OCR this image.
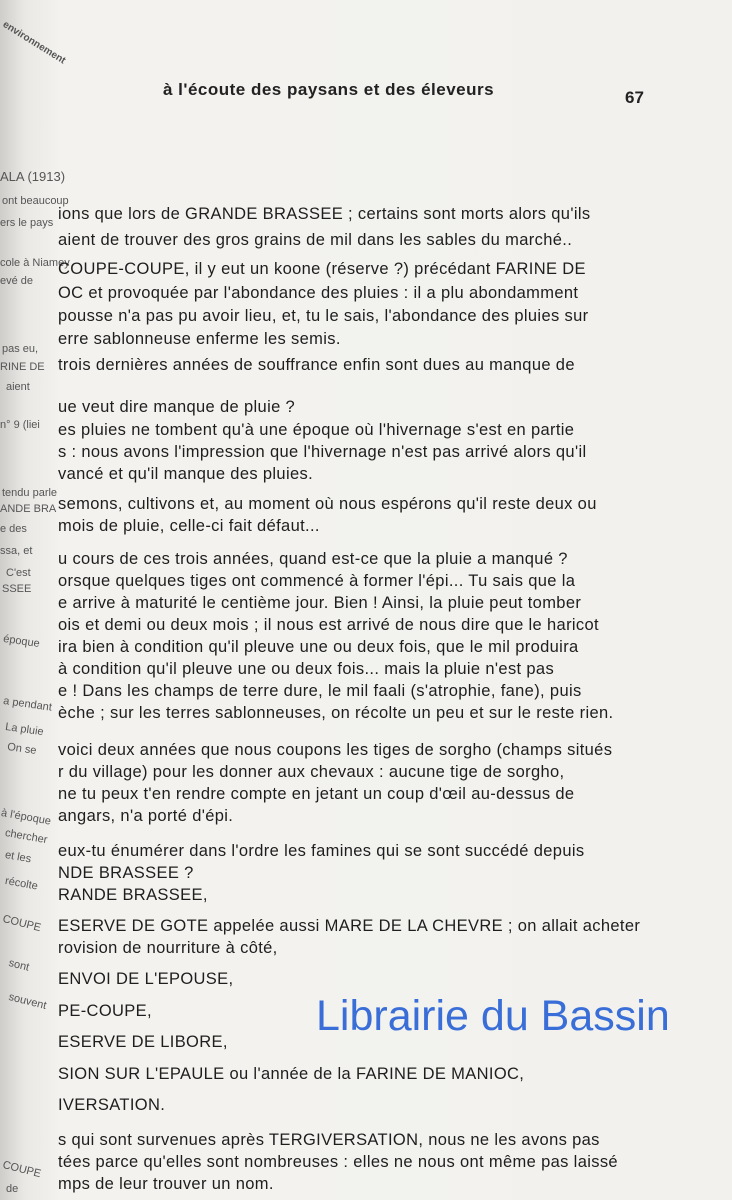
environnement
ALA (1913)
ont beaucoup
ers le pays
cole à Niamey
evé de
pas eu,
RINE DE
aient
n° 9 (liei
tendu parle
ANDE BRA
e des
ssa, et
C'est
SSEE
époque
a pendant
La pluie
On se
à l'époque
chercher
et les
récolte
COUPE
sont
souvent
COUPE
de
à l'écoute des paysans et des éleveurs	67
ions que lors de GRANDE BRASSEE ; certains sont morts alors qu'ils
aient de trouver des gros grains de mil dans les sables du marché..
COUPE-COUPE, il y eut un koone (réserve ?) précédant FARINE DE
OC et provoquée par l'abondance des pluies : il a plu abondamment
pousse n'a pas pu avoir lieu, et, tu le sais, l'abondance des pluies sur
erre sablonneuse enferme les semis.
trois dernières années de souffrance enfin sont dues au manque de
ue veut dire manque de pluie ?
es pluies ne tombent qu'à une époque où l'hivernage s'est en partie
s : nous avons l'impression que l'hivernage n'est pas arrivé alors qu'il
vancé et qu'il manque des pluies.
semons, cultivons et, au moment où nous espérons qu'il reste deux ou
mois de pluie, celle-ci fait défaut...
u cours de ces trois années, quand est-ce que la pluie a manqué ?
orsque quelques tiges ont commencé à former l'épi... Tu sais que la
e arrive à maturité le centième jour. Bien ! Ainsi, la pluie peut tomber
ois et demi ou deux mois ; il nous est arrivé de nous dire que le haricot
ira bien à condition qu'il pleuve une ou deux fois, que le mil produira
à condition qu'il pleuve une ou deux fois... mais la pluie n'est pas
e ! Dans les champs de terre dure, le mil faali (s'atrophie, fane), puis
èche ; sur les terres sablonneuses, on récolte un peu et sur le reste rien.
voici deux années que nous coupons les tiges de sorgho (champs situés
r du village) pour les donner aux chevaux : aucune tige de sorgho,
ne tu peux t'en rendre compte en jetant un coup d'œil au-dessus de
angars, n'a porté d'épi.
eux-tu énumérer dans l'ordre les famines qui se sont succédé depuis
NDE BRASSEE ?
RANDE BRASSEE,
ESERVE DE GOTE appelée aussi MARE DE LA CHEVRE ; on allait acheter
rovision de nourriture à côté,
ENVOI DE L'EPOUSE,
PE-COUPE,
ESERVE DE LIBORE,
SION SUR L'EPAULE ou l'année de la FARINE DE MANIOC,
IVERSATION.
s qui sont survenues après TERGIVERSATION, nous ne les avons pas
tées parce qu'elles sont nombreuses : elles ne nous ont même pas laissé
mps de leur trouver un nom.
Librairie du Bassin
